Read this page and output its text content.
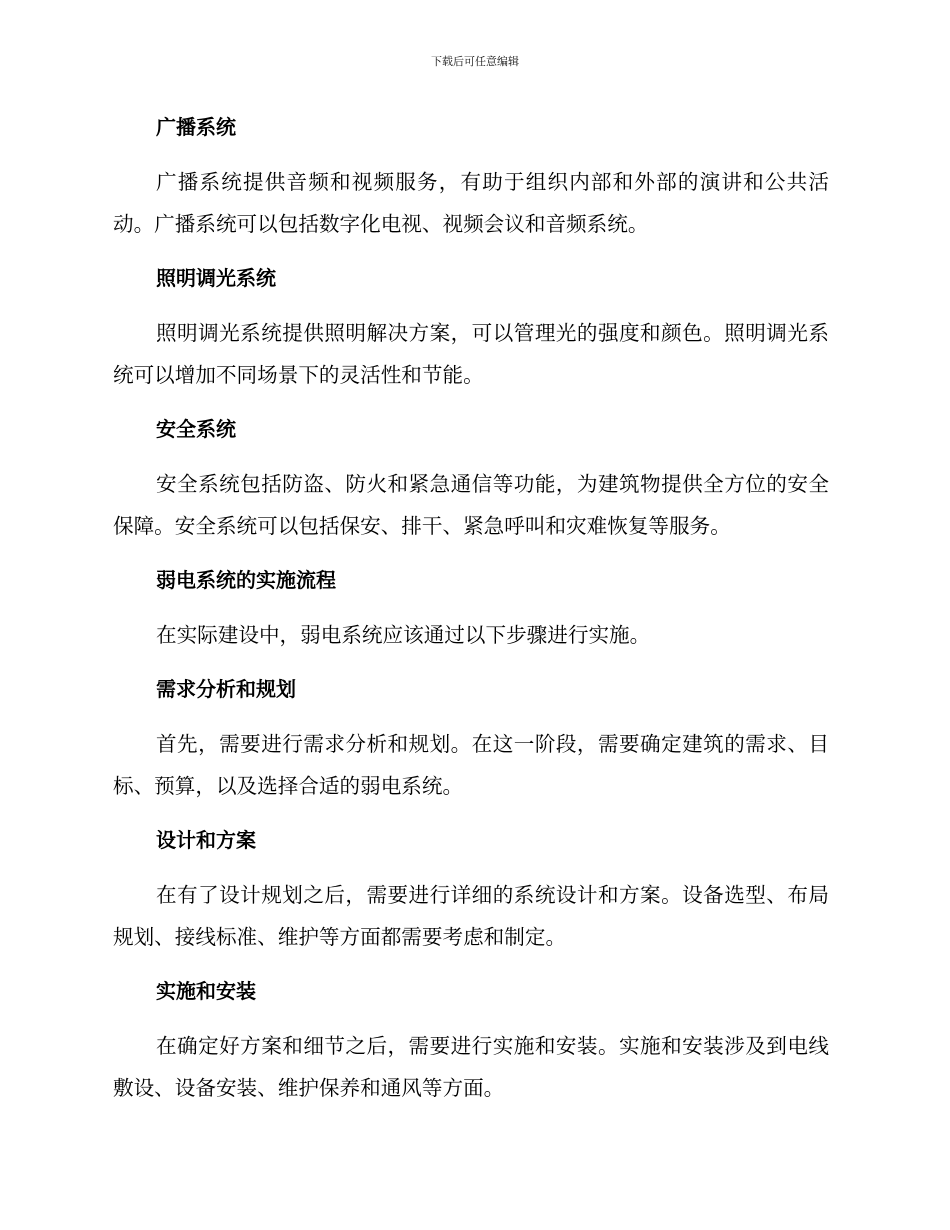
下载后可任意编辑
广播系统

广播系统提供音频和视频服务，有助于组织内部和外部的演讲和公共活动。广播系统可以包括数字化电视、视频会议和音频系统。

照明调光系统

照明调光系统提供照明解决方案，可以管理光的强度和颜色。照明调光系统可以增加不同场景下的灵活性和节能。

安全系统

安全系统包括防盗、防火和紧急通信等功能，为建筑物提供全方位的安全保障。安全系统可以包括保安、排干、紧急呼叫和灾难恢复等服务。

弱电系统的实施流程

在实际建设中，弱电系统应该通过以下步骤进行实施。

需求分析和规划

首先，需要进行需求分析和规划。在这一阶段，需要确定建筑的需求、目标、预算，以及选择合适的弱电系统。

设计和方案

在有了设计规划之后，需要进行详细的系统设计和方案。设备选型、布局规划、接线标准、维护等方面都需要考虑和制定。

实施和安装

在确定好方案和细节之后，需要进行实施和安装。实施和安装涉及到电线敷设、设备安装、维护保养和通风等方面。
